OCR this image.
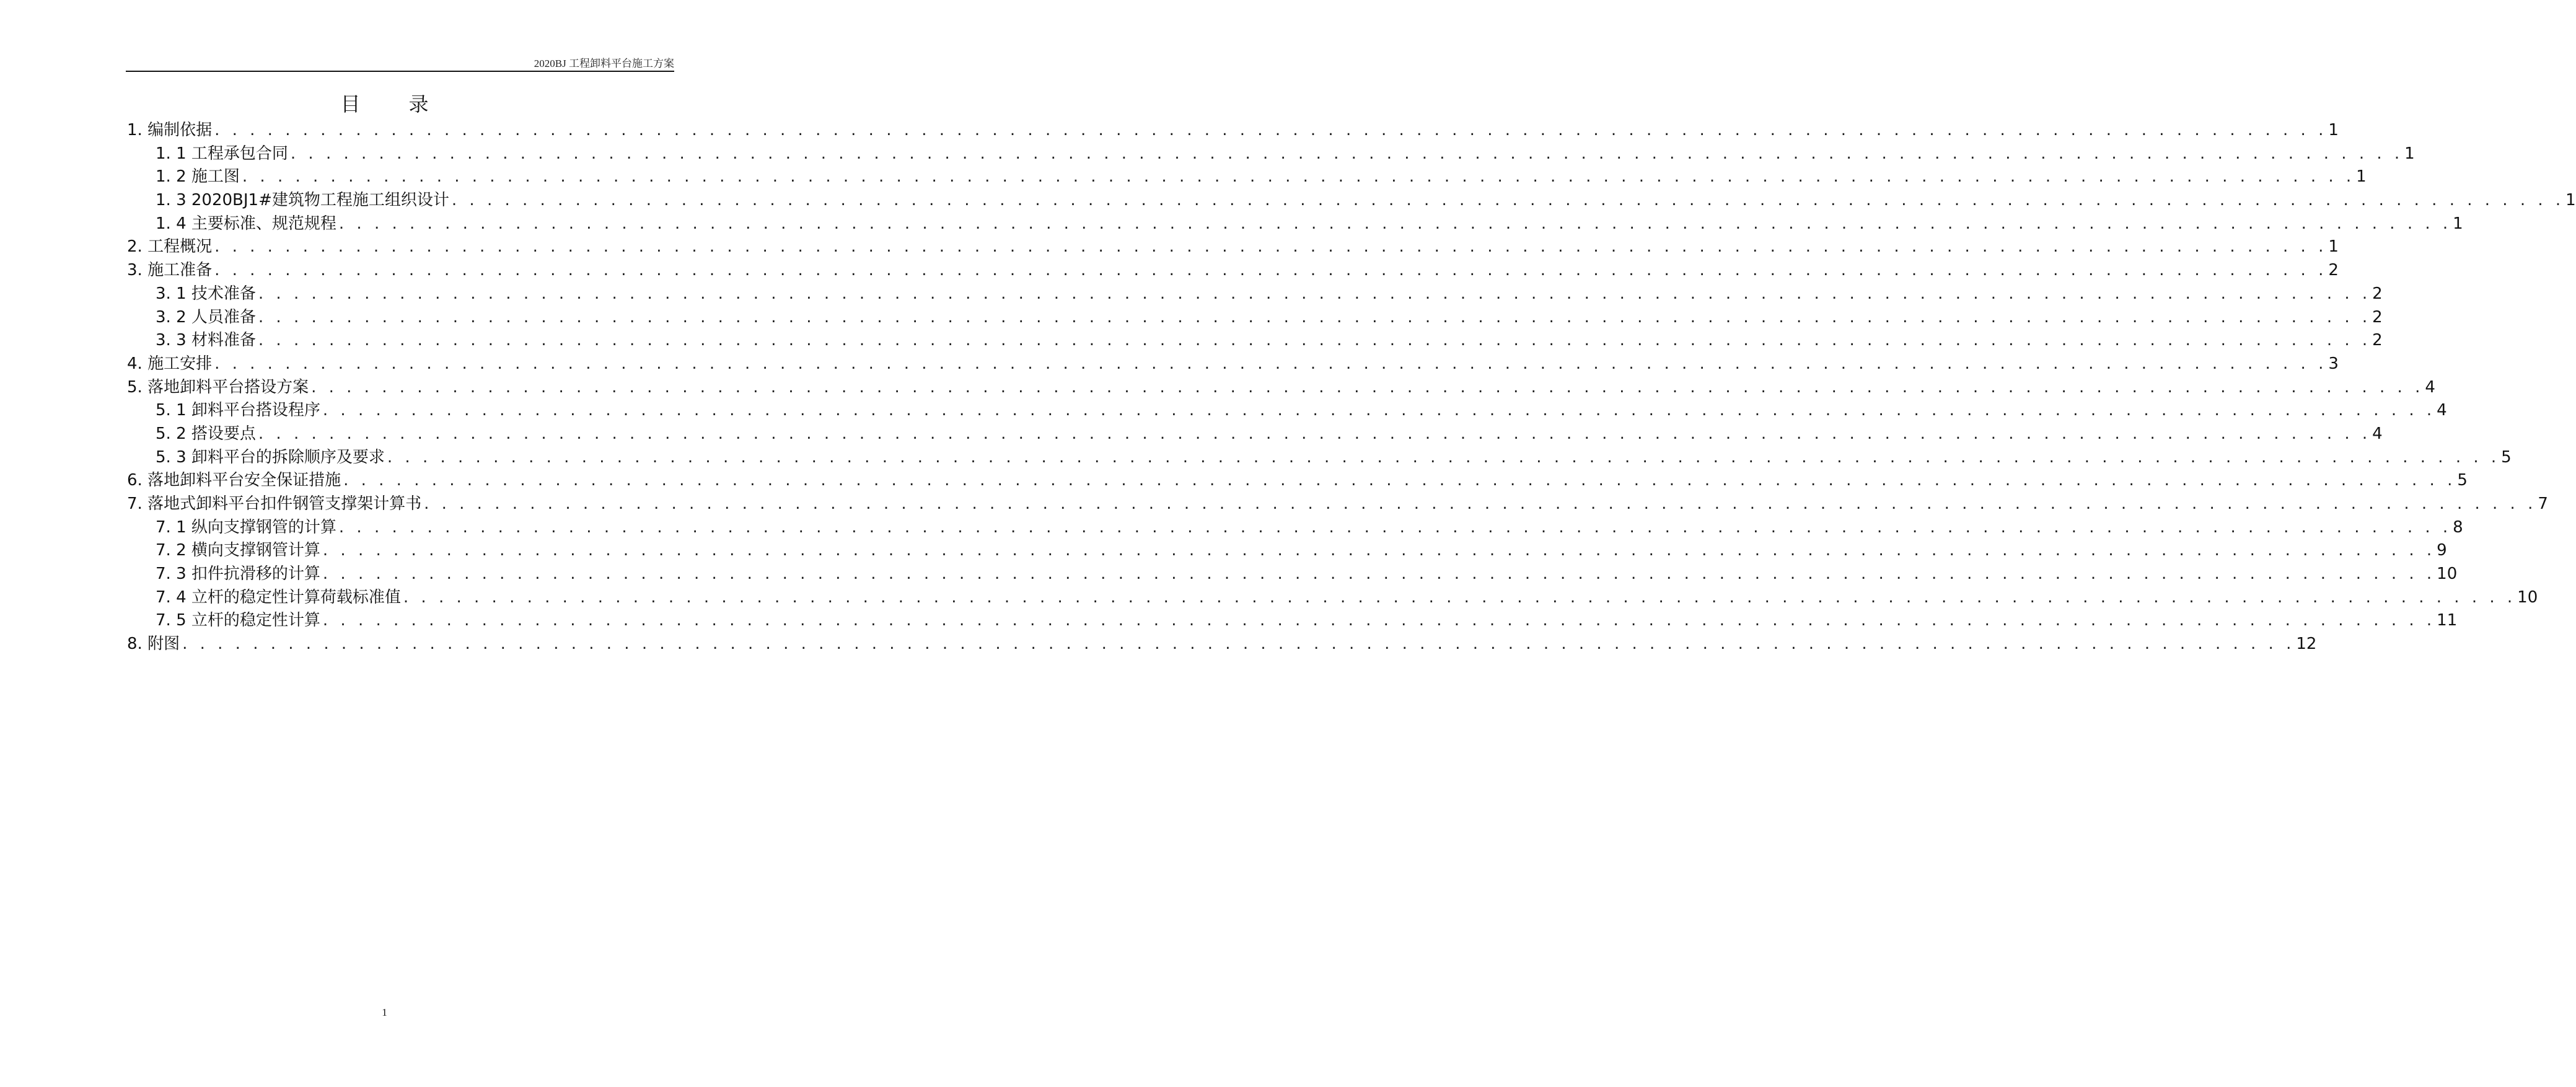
2020BJ 工程卸料平台施工方案
目 录
1. 编制依据 . . . . . . . . . . . . . . . . . . . . . . . . . . . . . . . . . . . . . . . . . . . . . . . . . . . . . . . . . . . . . . . . . . . . . . . . . . . . . . . . . . . . . . . . . . . . . . . . . . . . . . . . . . . . . . . . . . . . . . . . 1
1. 1 工程承包合同 . . . . . . . . . . . . . . . . . . . . . . . . . . . . . . . . . . . . . . . . . . . . . . . . . . . . . . . . . . . . . . . . . . . . . . . . . . . . . . . . . . . . . . . . . . . . . . . . . . . . . . . . . . . . . . . . . . . . . . . . 1
1. 2 施工图 . . . . . . . . . . . . . . . . . . . . . . . . . . . . . . . . . . . . . . . . . . . . . . . . . . . . . . . . . . . . . . . . . . . . . . . . . . . . . . . . . . . . . . . . . . . . . . . . . . . . . . . . . . . . . . . . . . . . . . . . 1
1. 3 2020BJ1#建筑物工程施工组织设计 . . . . . . . . . . . . . . . . . . . . . . . . . . . . . . . . . . . . . . . . . . . . . . . . . . . . . . . . . . . . . . . . . . . . . . . . . . . . . . . . . . . . . . . . . . . . . . . . . . . . . . . . . . . . . . . . . . . . . . . . 1
1. 4 主要标准、规范规程 . . . . . . . . . . . . . . . . . . . . . . . . . . . . . . . . . . . . . . . . . . . . . . . . . . . . . . . . . . . . . . . . . . . . . . . . . . . . . . . . . . . . . . . . . . . . . . . . . . . . . . . . . . . . . . . . . . . . . . . . 1
2. 工程概况 . . . . . . . . . . . . . . . . . . . . . . . . . . . . . . . . . . . . . . . . . . . . . . . . . . . . . . . . . . . . . . . . . . . . . . . . . . . . . . . . . . . . . . . . . . . . . . . . . . . . . . . . . . . . . . . . . . . . . . . . 1
3. 施工准备 . . . . . . . . . . . . . . . . . . . . . . . . . . . . . . . . . . . . . . . . . . . . . . . . . . . . . . . . . . . . . . . . . . . . . . . . . . . . . . . . . . . . . . . . . . . . . . . . . . . . . . . . . . . . . . . . . . . . . . . . 2
3. 1 技术准备 . . . . . . . . . . . . . . . . . . . . . . . . . . . . . . . . . . . . . . . . . . . . . . . . . . . . . . . . . . . . . . . . . . . . . . . . . . . . . . . . . . . . . . . . . . . . . . . . . . . . . . . . . . . . . . . . . . . . . . . . 2
3. 2 人员准备 . . . . . . . . . . . . . . . . . . . . . . . . . . . . . . . . . . . . . . . . . . . . . . . . . . . . . . . . . . . . . . . . . . . . . . . . . . . . . . . . . . . . . . . . . . . . . . . . . . . . . . . . . . . . . . . . . . . . . . . . 2
3. 3 材料准备 . . . . . . . . . . . . . . . . . . . . . . . . . . . . . . . . . . . . . . . . . . . . . . . . . . . . . . . . . . . . . . . . . . . . . . . . . . . . . . . . . . . . . . . . . . . . . . . . . . . . . . . . . . . . . . . . . . . . . . . . 2
4. 施工安排 . . . . . . . . . . . . . . . . . . . . . . . . . . . . . . . . . . . . . . . . . . . . . . . . . . . . . . . . . . . . . . . . . . . . . . . . . . . . . . . . . . . . . . . . . . . . . . . . . . . . . . . . . . . . . . . . . . . . . . . . 3
5. 落地卸料平台搭设方案 . . . . . . . . . . . . . . . . . . . . . . . . . . . . . . . . . . . . . . . . . . . . . . . . . . . . . . . . . . . . . . . . . . . . . . . . . . . . . . . . . . . . . . . . . . . . . . . . . . . . . . . . . . . . . . . . . . . . . . . . 4
5. 1 卸料平台搭设程序 . . . . . . . . . . . . . . . . . . . . . . . . . . . . . . . . . . . . . . . . . . . . . . . . . . . . . . . . . . . . . . . . . . . . . . . . . . . . . . . . . . . . . . . . . . . . . . . . . . . . . . . . . . . . . . . . . . . . . . . . 4
5. 2 搭设要点 . . . . . . . . . . . . . . . . . . . . . . . . . . . . . . . . . . . . . . . . . . . . . . . . . . . . . . . . . . . . . . . . . . . . . . . . . . . . . . . . . . . . . . . . . . . . . . . . . . . . . . . . . . . . . . . . . . . . . . . . 4
5. 3 卸料平台的拆除顺序及要求 . . . . . . . . . . . . . . . . . . . . . . . . . . . . . . . . . . . . . . . . . . . . . . . . . . . . . . . . . . . . . . . . . . . . . . . . . . . . . . . . . . . . . . . . . . . . . . . . . . . . . . . . . . . . . . . . . . . . . . . . 5
6. 落地卸料平台安全保证措施 . . . . . . . . . . . . . . . . . . . . . . . . . . . . . . . . . . . . . . . . . . . . . . . . . . . . . . . . . . . . . . . . . . . . . . . . . . . . . . . . . . . . . . . . . . . . . . . . . . . . . . . . . . . . . . . . . . . . . . . . 5
7. 落地式卸料平台扣件钢管支撑架计算书 . . . . . . . . . . . . . . . . . . . . . . . . . . . . . . . . . . . . . . . . . . . . . . . . . . . . . . . . . . . . . . . . . . . . . . . . . . . . . . . . . . . . . . . . . . . . . . . . . . . . . . . . . . . . . . . . . . . . . . . . 7
7. 1 纵向支撑钢管的计算 . . . . . . . . . . . . . . . . . . . . . . . . . . . . . . . . . . . . . . . . . . . . . . . . . . . . . . . . . . . . . . . . . . . . . . . . . . . . . . . . . . . . . . . . . . . . . . . . . . . . . . . . . . . . . . . . . . . . . . . . 8
7. 2 横向支撑钢管计算 . . . . . . . . . . . . . . . . . . . . . . . . . . . . . . . . . . . . . . . . . . . . . . . . . . . . . . . . . . . . . . . . . . . . . . . . . . . . . . . . . . . . . . . . . . . . . . . . . . . . . . . . . . . . . . . . . . . . . . . . 9
7. 3 扣件抗滑移的计算 . . . . . . . . . . . . . . . . . . . . . . . . . . . . . . . . . . . . . . . . . . . . . . . . . . . . . . . . . . . . . . . . . . . . . . . . . . . . . . . . . . . . . . . . . . . . . . . . . . . . . . . . . . . . . . . . . . . . . . . . 10
7. 4 立杆的稳定性计算荷载标准值 . . . . . . . . . . . . . . . . . . . . . . . . . . . . . . . . . . . . . . . . . . . . . . . . . . . . . . . . . . . . . . . . . . . . . . . . . . . . . . . . . . . . . . . . . . . . . . . . . . . . . . . . . . . . . . . . . . . . . . . . 10
7. 5 立杆的稳定性计算 . . . . . . . . . . . . . . . . . . . . . . . . . . . . . . . . . . . . . . . . . . . . . . . . . . . . . . . . . . . . . . . . . . . . . . . . . . . . . . . . . . . . . . . . . . . . . . . . . . . . . . . . . . . . . . . . . . . . . . . . 11
8. 附图 . . . . . . . . . . . . . . . . . . . . . . . . . . . . . . . . . . . . . . . . . . . . . . . . . . . . . . . . . . . . . . . . . . . . . . . . . . . . . . . . . . . . . . . . . . . . . . . . . . . . . . . . . . . . . . . . . . . . . . . . 12
1
